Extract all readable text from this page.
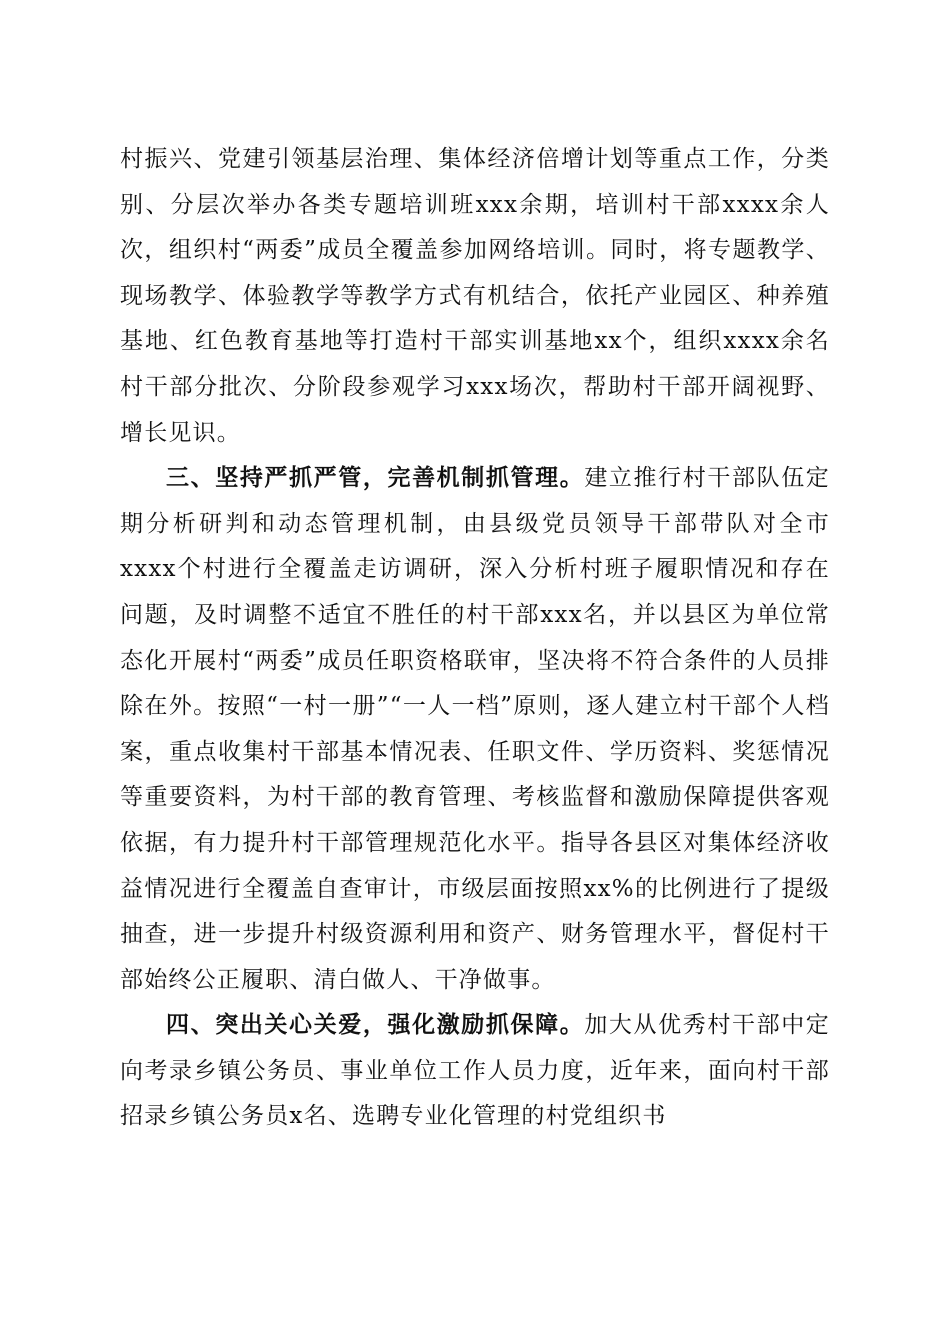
村振兴、党建引领基层治理、集体经济倍增计划等重点工作，分类别、分层次举办各类专题培训班xxx余期，培训村干部xxxx余人次，组织村“两委”成员全覆盖参加网络培训。同时，将专题教学、现场教学、体验教学等教学方式有机结合，依托产业园区、种养殖基地、红色教育基地等打造村干部实训基地xx个，组织xxxx余名村干部分批次、分阶段参观学习xxx场次，帮助村干部开阔视野、增长见识。

三、坚持严抓严管，完善机制抓管理。建立推行村干部队伍定期分析研判和动态管理机制，由县级党员领导干部带队对全市xxxx个村进行全覆盖走访调研，深入分析村班子履职情况和存在问题，及时调整不适宜不胜任的村干部xxx名，并以县区为单位常态化开展村“两委”成员任职资格联审，坚决将不符合条件的人员排除在外。按照“一村一册”“一人一档”原则，逐人建立村干部个人档案，重点收集村干部基本情况表、任职文件、学历资料、奖惩情况等重要资料，为村干部的教育管理、考核监督和激励保障提供客观依据，有力提升村干部管理规范化水平。指导各县区对集体经济收益情况进行全覆盖自查审计，市级层面按照xx%的比例进行了提级抽查，进一步提升村级资源利用和资产、财务管理水平，督促村干部始终公正履职、清白做人、干净做事。

四、突出关心关爱，强化激励抓保障。加大从优秀村干部中定向考录乡镇公务员、事业单位工作人员力度，近年来，面向村干部招录乡镇公务员x名、选聘专业化管理的村党组织书
